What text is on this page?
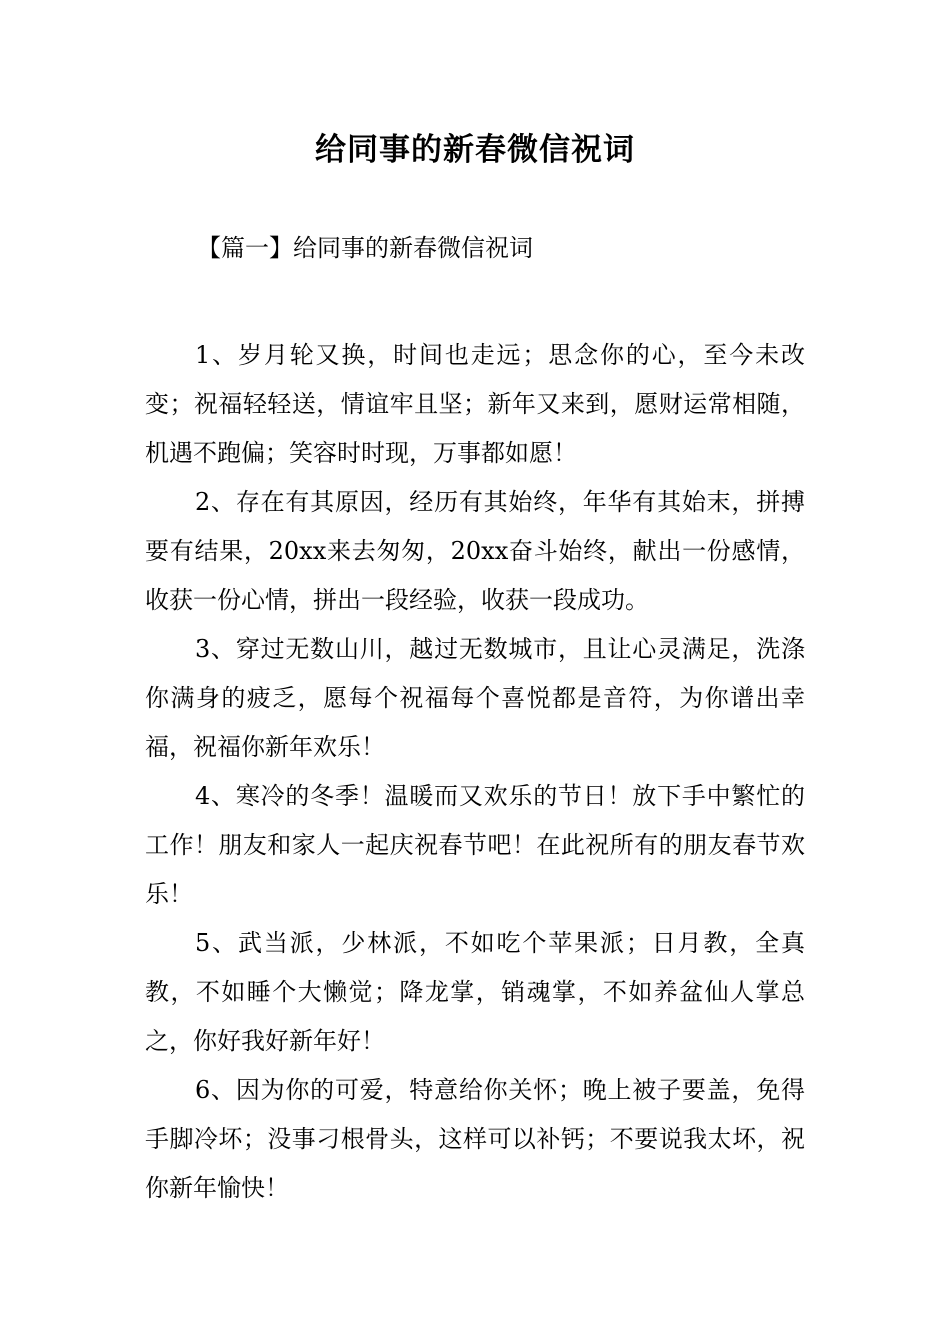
给同事的新春微信祝词

【篇一】给同事的新春微信祝词

1、岁月轮又换，时间也走远；思念你的心，至今未改变；祝福轻轻送，情谊牢且坚；新年又来到，愿财运常相随，机遇不跑偏；笑容时时现，万事都如愿！

2、存在有其原因，经历有其始终，年华有其始末，拼搏要有结果，20xx来去匆匆，20xx奋斗始终，献出一份感情，收获一份心情，拼出一段经验，收获一段成功。

3、穿过无数山川，越过无数城市，且让心灵满足，洗涤你满身的疲乏，愿每个祝福每个喜悦都是音符，为你谱出幸福，祝福你新年欢乐！

4、寒冷的冬季！温暖而又欢乐的节日！放下手中繁忙的工作！朋友和家人一起庆祝春节吧！在此祝所有的朋友春节欢乐！

5、武当派，少林派，不如吃个苹果派；日月教，全真教，不如睡个大懒觉；降龙掌，销魂掌，不如养盆仙人掌总之，你好我好新年好！

6、因为你的可爱，特意给你关怀；晚上被子要盖，免得手脚冷坏；没事刁根骨头，这样可以补钙；不要说我太坏，祝你新年愉快！
